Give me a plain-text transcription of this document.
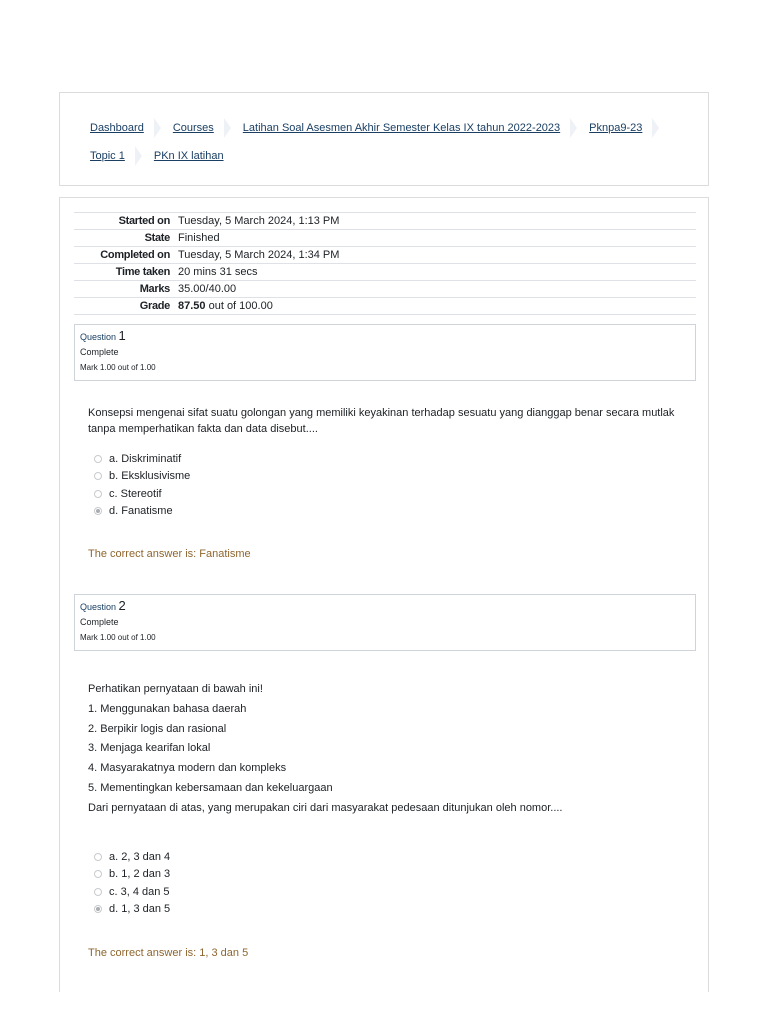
Dashboard	Courses	Latihan Soal Asesmen Akhir Semester Kelas IX tahun 2022-2023	Pknpa9-23
Topic 1	PKn IX latihan
Started on	Tuesday, 5 March 2024, 1:13 PM
State	Finished
Completed on	Tuesday, 5 March 2024, 1:34 PM
Time taken	20 mins 31 secs
Marks	35.00/40.00
Grade	87.50 out of 100.00
Question 1
Complete
Mark 1.00 out of 1.00
Konsepsi mengenai sifat suatu golongan yang memiliki keyakinan terhadap sesuatu yang dianggap benar secara mutlak tanpa memperhatikan fakta dan data disebut....
a. Diskriminatif
b. Eksklusivisme
c. Stereotif
d. Fanatisme
The correct answer is: Fanatisme
Question 2
Complete
Mark 1.00 out of 1.00
Perhatikan pernyataan di bawah ini!
1. Menggunakan bahasa daerah
2. Berpikir logis dan rasional
3. Menjaga kearifan lokal
4. Masyarakatnya modern dan kompleks
5. Mementingkan kebersamaan dan kekeluargaan
Dari pernyataan di atas, yang merupakan ciri dari masyarakat pedesaan ditunjukan oleh nomor....
a. 2, 3 dan 4
b. 1, 2 dan 3
c. 3, 4 dan 5
d. 1, 3 dan 5
The correct answer is: 1, 3 dan 5
